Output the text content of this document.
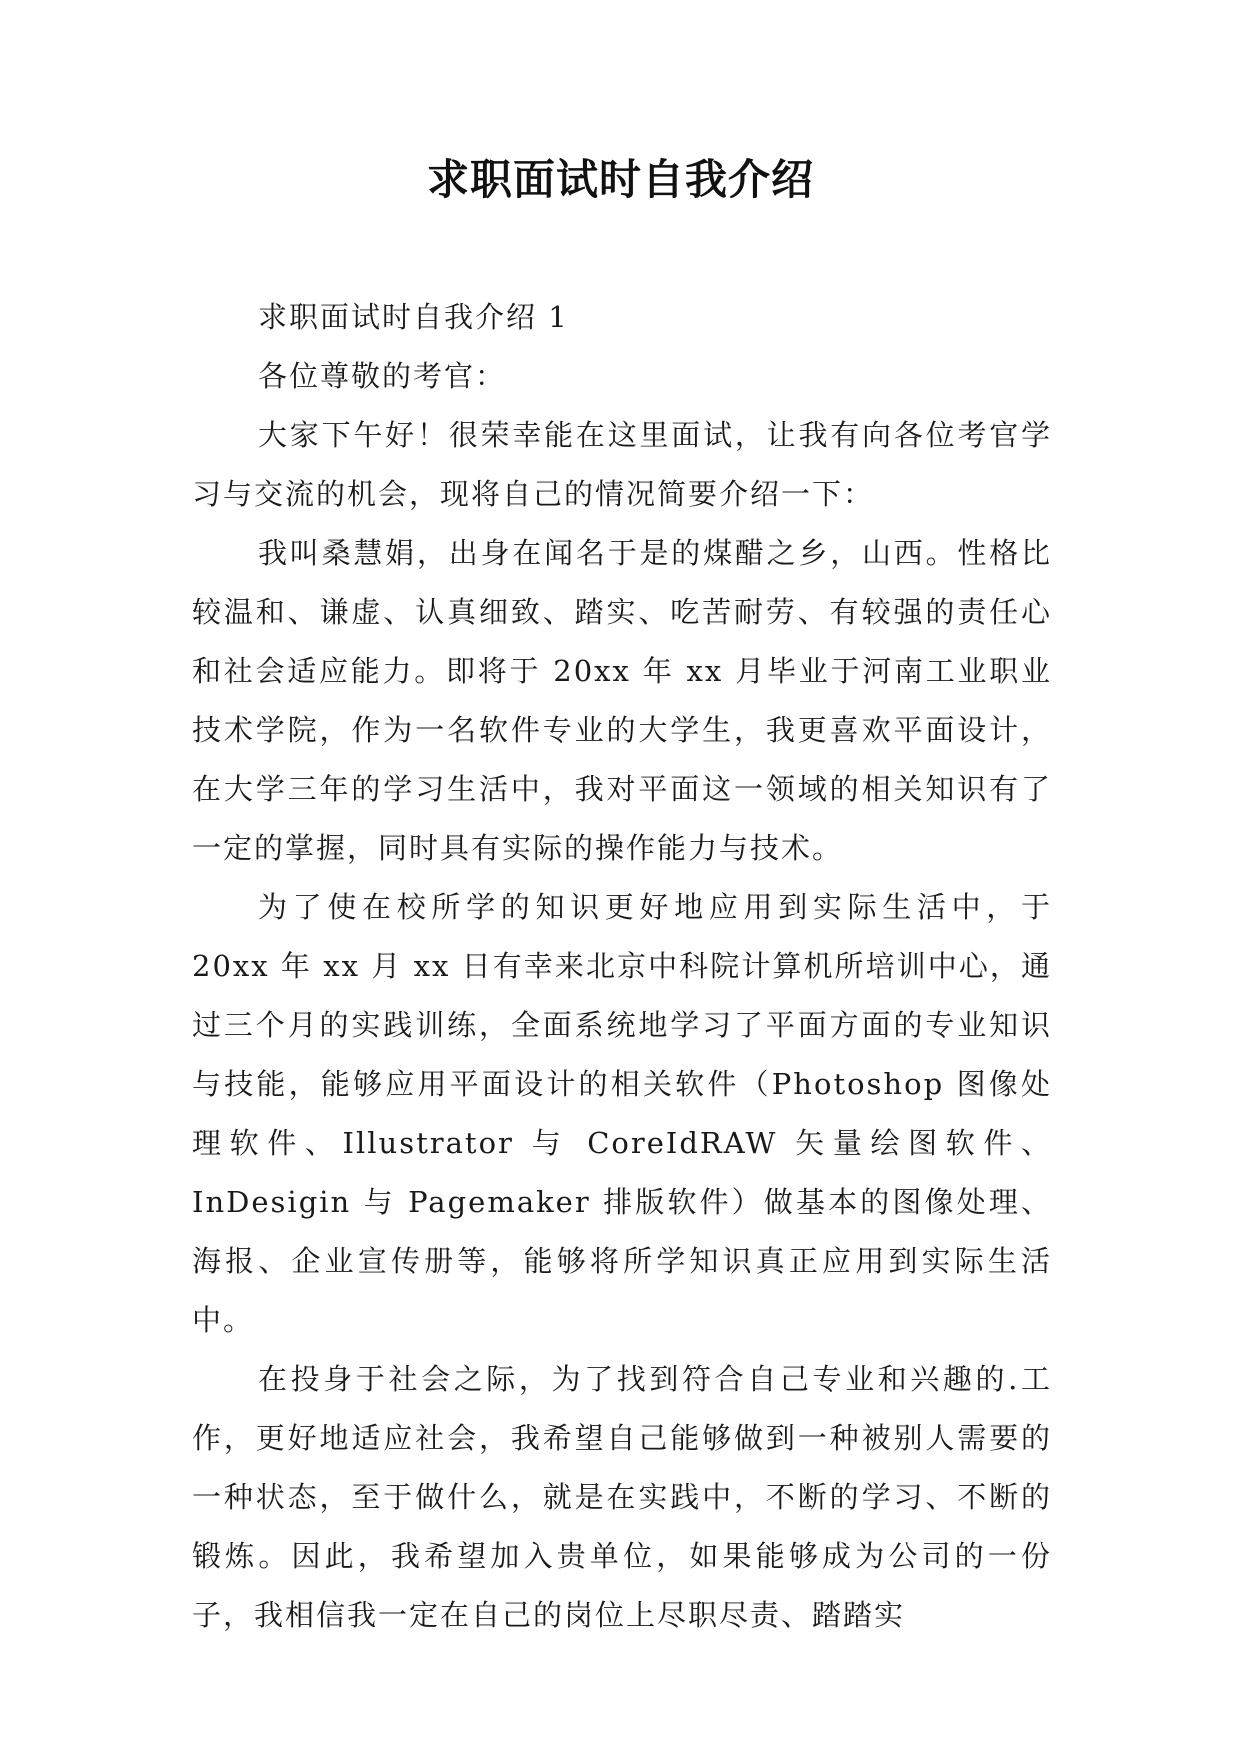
求职面试时自我介绍

求职面试时自我介绍 1

各位尊敬的考官：

大家下午好！很荣幸能在这里面试，让我有向各位考官学习与交流的机会，现将自己的情况简要介绍一下：

我叫桑慧娟，出身在闻名于是的煤醋之乡，山西。性格比较温和、谦虚、认真细致、踏实、吃苦耐劳、有较强的责任心和社会适应能力。即将于 20xx 年 xx 月毕业于河南工业职业技术学院，作为一名软件专业的大学生，我更喜欢平面设计，在大学三年的学习生活中，我对平面这一领域的相关知识有了一定的掌握，同时具有实际的操作能力与技术。

为了使在校所学的知识更好地应用到实际生活中，于 20xx 年 xx 月 xx 日有幸来北京中科院计算机所培训中心，通过三个月的实践训练，全面系统地学习了平面方面的专业知识与技能，能够应用平面设计的相关软件（Photoshop 图像处理软件、Illustrator 与 CoreIdRAW 矢量绘图软件、InDesigin 与 Pagemaker 排版软件）做基本的图像处理、海报、企业宣传册等，能够将所学知识真正应用到实际生活中。

在投身于社会之际，为了找到符合自己专业和兴趣的.工作，更好地适应社会，我希望自己能够做到一种被别人需要的一种状态，至于做什么，就是在实践中，不断的学习、不断的锻炼。因此，我希望加入贵单位，如果能够成为公司的一份子，我相信我一定在自己的岗位上尽职尽责、踏踏实
